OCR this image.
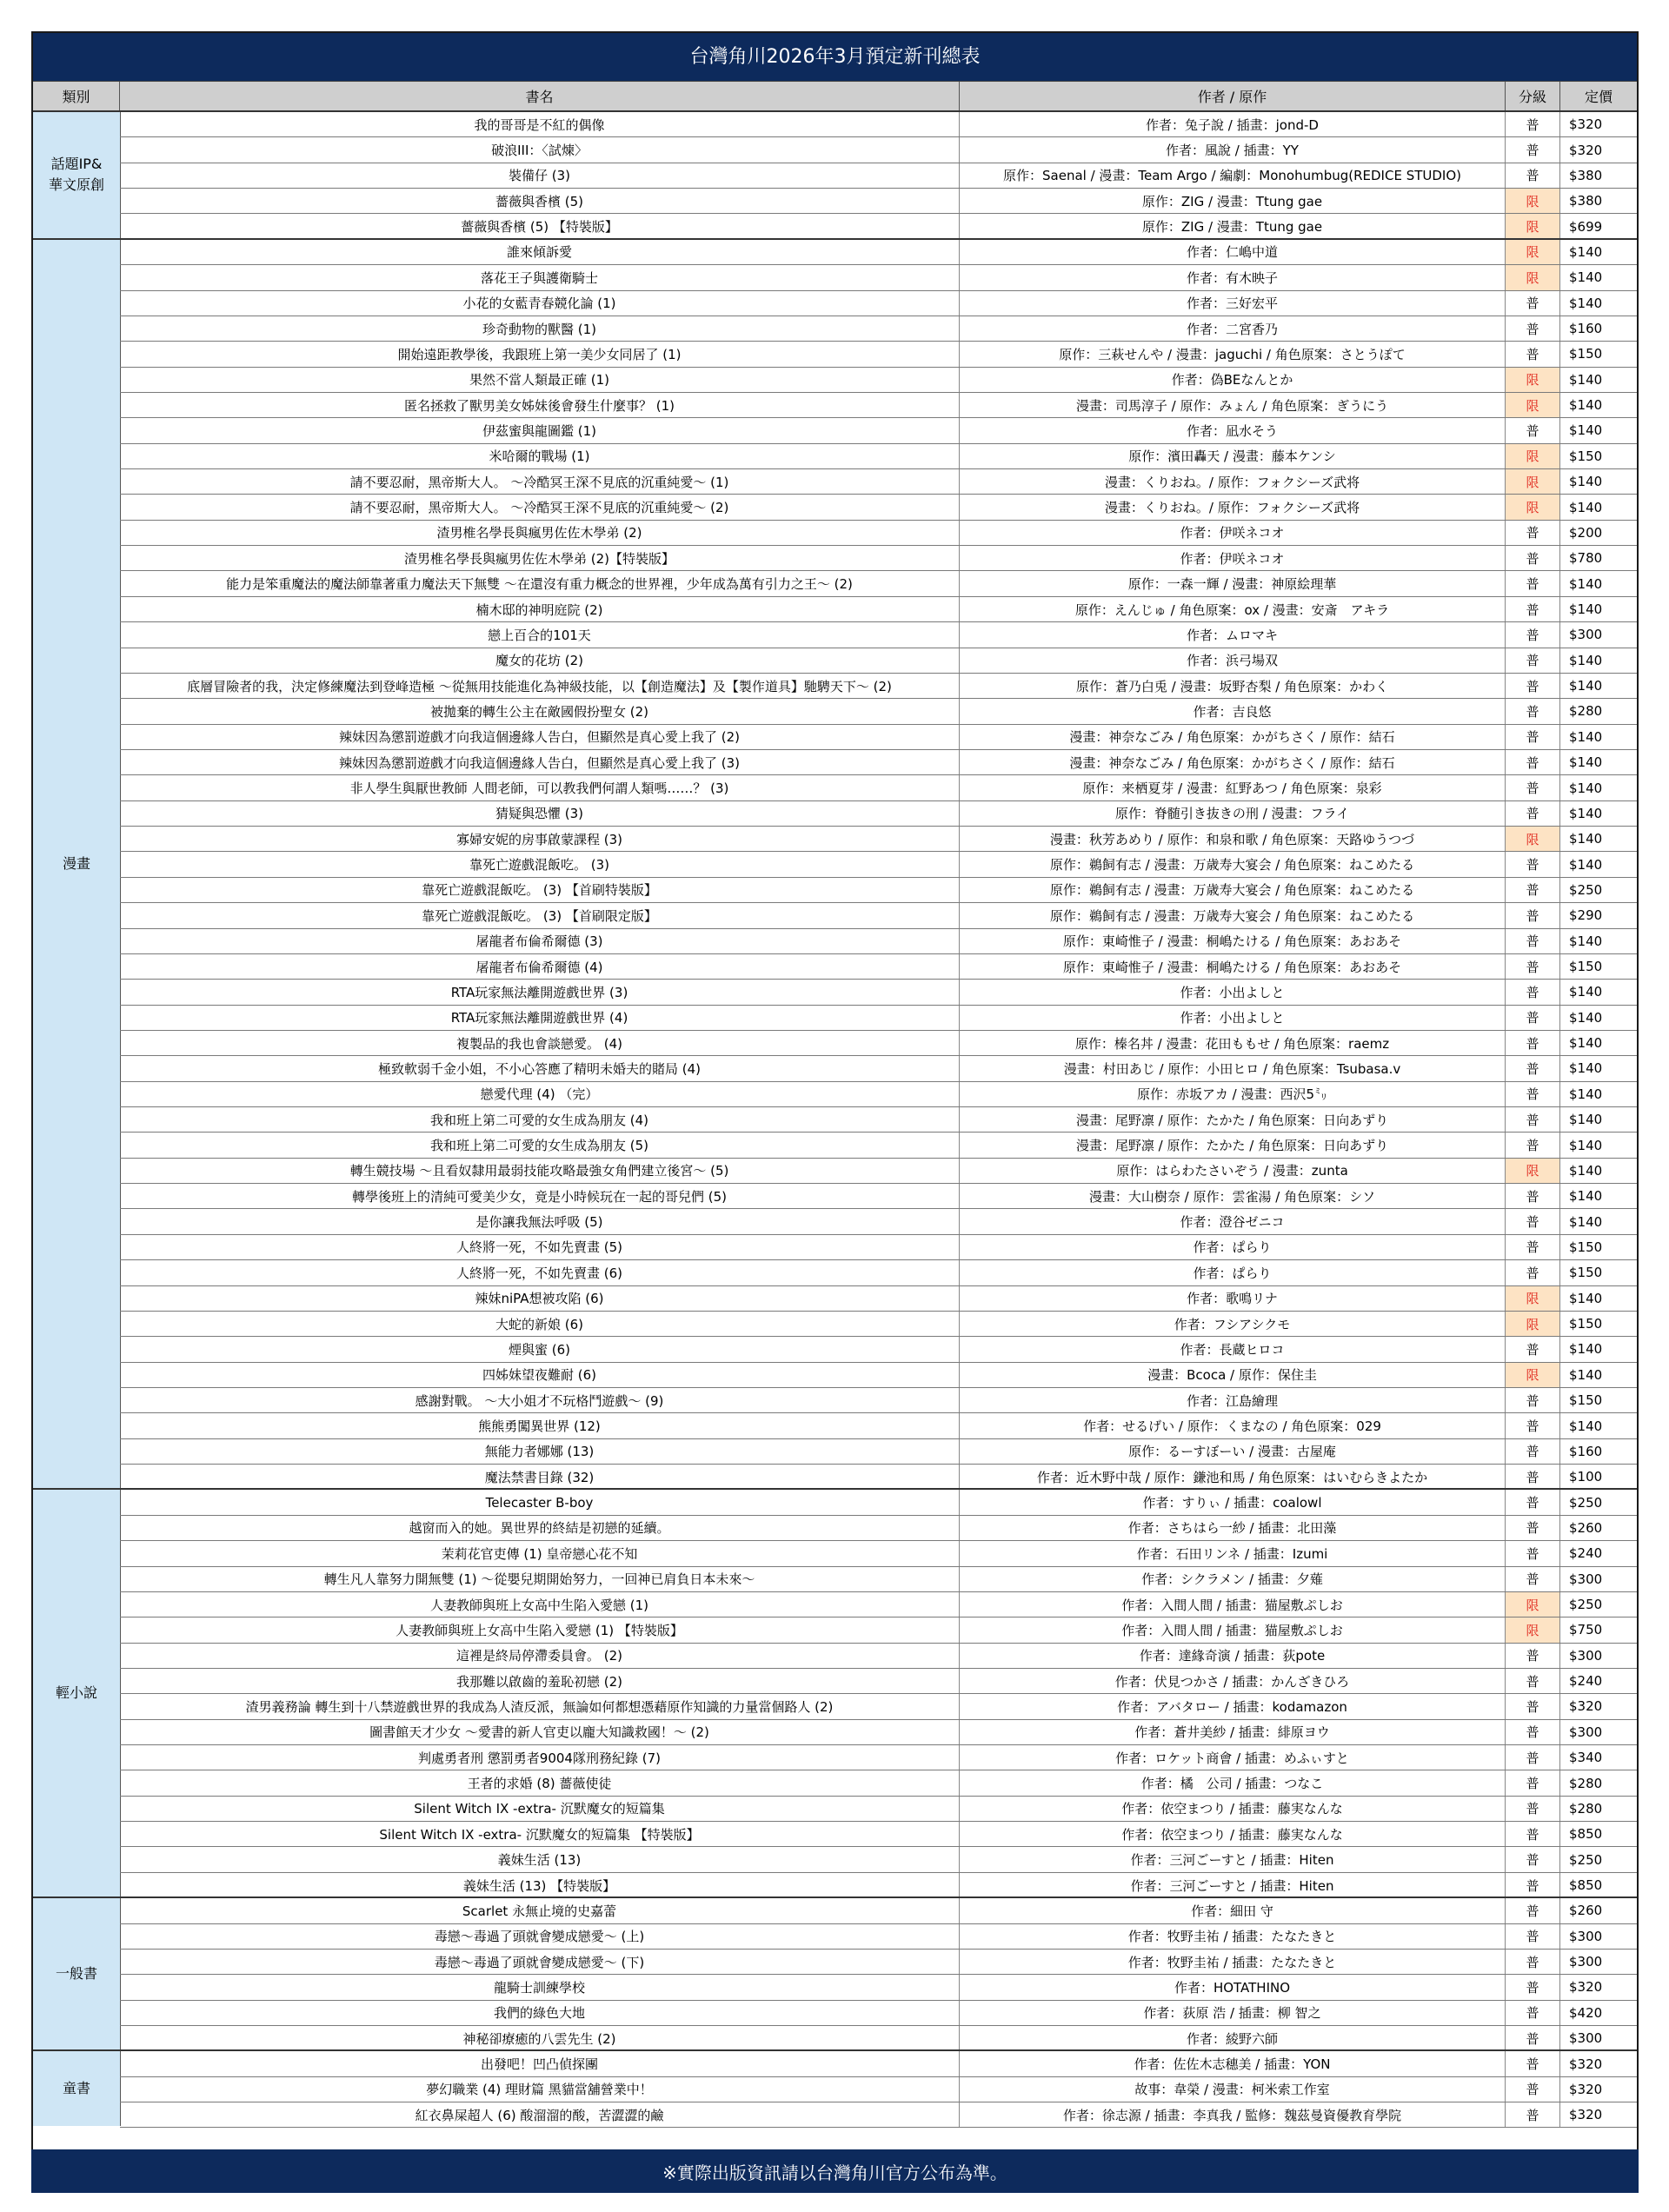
台灣角川2026年3月預定新刊總表
類別	書名	作者 / 原作	分級	定價
話題IP&
華文原創
我的哥哥是不紅的偶像	作者：兔子說 / 插畫：jond-D	普	$320
破浪III：〈試煉〉	作者：風說 / 插畫：YY	普	$320
裝備仔 (3)	原作：Saenal / 漫畫：Team Argo / 編劇：Monohumbug(REDICE STUDIO)	普	$380
薔薇與香檳 (5)	原作：ZIG / 漫畫：Ttung gae	限	$380
薔薇與香檳 (5) 【特裝版】	原作：ZIG / 漫畫：Ttung gae	限	$699
漫畫
誰來傾訴愛	作者：仁嶋中道	限	$140
落花王子與護衛騎士	作者：有木映子	限	$140
小花的女藍青春競化論 (1)	作者：三好宏平	普	$140
珍奇動物的獸醫 (1)	作者：二宮香乃	普	$160
開始遠距教學後，我跟班上第一美少女同居了 (1)	原作：三萩せんや / 漫畫：jaguchi / 角色原案：さとうぽて	普	$150
果然不當人類最正確 (1)	作者：偽BEなんとか	限	$140
匿名拯救了獸男美女姊妹後會發生什麼事？ (1)	漫畫：司馬淳子 / 原作：みょん / 角色原案：ぎうにう	限	$140
伊茲蜜與龍圖鑑 (1)	作者：凪水そう	普	$140
米哈爾的戰場 (1)	原作：濱田轟天 / 漫畫：藤本ケンシ	限	$150
請不要忍耐，黑帝斯大人。 ～冷酷冥王深不見底的沉重純愛～ (1)	漫畫：くりおね。/ 原作：フォクシーズ武将	限	$140
請不要忍耐，黑帝斯大人。 ～冷酷冥王深不見底的沉重純愛～ (2)	漫畫：くりおね。/ 原作：フォクシーズ武将	限	$140
渣男椎名學長與瘋男佐佐木學弟 (2)	作者：伊咲ネコオ	普	$200
渣男椎名學長與瘋男佐佐木學弟 (2)【特裝版】	作者：伊咲ネコオ	普	$780
能力是笨重魔法的魔法師靠著重力魔法天下無雙 ～在還沒有重力概念的世界裡，少年成為萬有引力之王～ (2)	原作：一森一輝 / 漫畫：神原絵理華	普	$140
楠木邸的神明庭院 (2)	原作：えんじゅ / 角色原案：ox / 漫畫：安斎　アキラ	普	$140
戀上百合的101天	作者：ムロマキ	普	$300
魔女的花坊 (2)	作者：浜弓場双	普	$140
底層冒險者的我，決定修練魔法到登峰造極 ～從無用技能進化為神級技能，以【創造魔法】及【製作道具】馳騁天下～ (2)	原作：蒼乃白兎 / 漫畫：坂野杏梨 / 角色原案：かわく	普	$140
被拋棄的轉生公主在敵國假扮聖女 (2)	作者：吉良悠	普	$280
辣妹因為懲罰遊戲才向我這個邊緣人告白，但顯然是真心愛上我了 (2)	漫畫：神奈なごみ / 角色原案：かがちさく / 原作：結石	普	$140
辣妹因為懲罰遊戲才向我這個邊緣人告白，但顯然是真心愛上我了 (3)	漫畫：神奈なごみ / 角色原案：かがちさく / 原作：結石	普	$140
非人學生與厭世教師 人間老師，可以教我們何謂人類嗎……？ (3)	原作：来栖夏芽 / 漫畫：紅野あつ / 角色原案：泉彩	普	$140
猜疑與恐懼 (3)	原作：脊髄引き抜きの刑 / 漫畫：フライ	普	$140
寡婦安妮的房事啟蒙課程 (3)	漫畫：秋芳あめり / 原作：和泉和歌 / 角色原案：天路ゆうつづ	限	$140
靠死亡遊戲混飯吃。 (3)	原作：鵜飼有志 / 漫畫：万歳寿大宴会 / 角色原案：ねこめたる	普	$140
靠死亡遊戲混飯吃。 (3) 【首刷特裝版】	原作：鵜飼有志 / 漫畫：万歳寿大宴会 / 角色原案：ねこめたる	普	$250
靠死亡遊戲混飯吃。 (3) 【首刷限定版】	原作：鵜飼有志 / 漫畫：万歳寿大宴会 / 角色原案：ねこめたる	普	$290
屠龍者布倫希爾德 (3)	原作：東崎惟子 / 漫畫：桐嶋たける / 角色原案：あおあそ	普	$140
屠龍者布倫希爾德 (4)	原作：東崎惟子 / 漫畫：桐嶋たける / 角色原案：あおあそ	普	$150
RTA玩家無法離開遊戲世界 (3)	作者：小出よしと	普	$140
RTA玩家無法離開遊戲世界 (4)	作者：小出よしと	普	$140
複製品的我也會談戀愛。 (4)	原作：榛名丼 / 漫畫：花田ももせ / 角色原案：raemz	普	$140
極致軟弱千金小姐，不小心答應了精明未婚夫的賭局 (4)	漫畫：村田あじ / 原作：小田ヒロ / 角色原案：Tsubasa.v	普	$140
戀愛代理 (4) （完）	原作：赤坂アカ / 漫畫：西沢5㍉	普	$140
我和班上第二可愛的女生成為朋友 (4)	漫畫：尾野凛 / 原作：たかた / 角色原案：日向あずり	普	$140
我和班上第二可愛的女生成為朋友 (5)	漫畫：尾野凛 / 原作：たかた / 角色原案：日向あずり	普	$140
轉生競技場 ～且看奴隸用最弱技能攻略最強女角們建立後宮～ (5)	原作：はらわたさいぞう / 漫畫：zunta	限	$140
轉學後班上的清純可愛美少女，竟是小時候玩在一起的哥兒們 (5)	漫畫：大山樹奈 / 原作：雲雀湯 / 角色原案：シソ	普	$140
是你讓我無法呼吸 (5)	作者：澄谷ゼニコ	普	$140
人終將一死，不如先賣畫 (5)	作者：ぱらり	普	$150
人終將一死，不如先賣畫 (6)	作者：ぱらり	普	$150
辣妹niPA想被攻陷 (6)	作者：歌鳴リナ	限	$140
大蛇的新娘 (6)	作者：フシアシクモ	限	$150
煙與蜜 (6)	作者：長蔵ヒロコ	普	$140
四姊妹望夜難耐 (6)	漫畫：Bcoca / 原作：保住圭	限	$140
感謝對戰。 ～大小姐才不玩格鬥遊戲～ (9)	作者：江島繪理	普	$150
熊熊勇闖異世界 (12)	作者：せるげい / 原作：くまなの / 角色原案：029	普	$140
無能力者娜娜 (13)	原作：るーすぼーい / 漫畫：古屋庵	普	$160
魔法禁書目錄 (32)	作者：近木野中哉 / 原作：鎌池和馬 / 角色原案：はいむらきよたか	普	$100
輕小說
Telecaster B-boy	作者：すりぃ / 插畫：coalowl	普	$250
越窗而入的她。異世界的終結是初戀的延續。	作者：さちはら一紗 / 插畫：北田藻	普	$260
茉莉花官吏傳 (1) 皇帝戀心花不知	作者：石田リンネ / 插畫：Izumi	普	$240
轉生凡人靠努力開無雙 (1) ～從嬰兒期開始努力，一回神已肩負日本未來～	作者：シクラメン / 插畫：夕薙	普	$300
人妻教師與班上女高中生陷入愛戀 (1)	作者：入間人間 / 插畫：猫屋敷ぷしお	限	$250
人妻教師與班上女高中生陷入愛戀 (1) 【特裝版】	作者：入間人間 / 插畫：猫屋敷ぷしお	限	$750
這裡是終局停滯委員會。 (2)	作者：達緣奇演 / 插畫：荻pote	普	$300
我那難以啟齒的羞恥初戀 (2)	作者：伏見つかさ / 插畫：かんざきひろ	普	$240
渣男義務論 轉生到十八禁遊戲世界的我成為人渣反派，無論如何都想憑藉原作知識的力量當個路人 (2)	作者：アバタロー / 插畫：kodamazon	普	$320
圖書館天才少女 ～愛書的新人官吏以龐大知識救國！～ (2)	作者：蒼井美紗 / 插畫：緋原ヨウ	普	$300
判處勇者刑 懲罰勇者9004隊刑務紀錄 (7)	作者：ロケット商會 / 插畫：めふぃすと	普	$340
王者的求婚 (8) 薔薇使徒	作者：橘　公司 / 插畫：つなこ	普	$280
Silent Witch IX -extra- 沉默魔女的短篇集	作者：依空まつり / 插畫：藤実なんな	普	$280
Silent Witch IX -extra- 沉默魔女的短篇集 【特裝版】	作者：依空まつり / 插畫：藤実なんな	普	$850
義妹生活 (13)	作者：三河ごーすと / 插畫：Hiten	普	$250
義妹生活 (13) 【特裝版】	作者：三河ごーすと / 插畫：Hiten	普	$850
一般書
Scarlet 永無止境的史嘉蕾	作者：細田 守	普	$260
毒戀～毒過了頭就會變成戀愛～ (上)	作者：牧野圭祐 / 插畫：たなたきと	普	$300
毒戀～毒過了頭就會變成戀愛～ (下)	作者：牧野圭祐 / 插畫：たなたきと	普	$300
龍騎士訓練學校	作者：HOTATHINO	普	$320
我們的綠色大地	作者：荻原 浩 / 插畫：柳 智之	普	$420
神秘卻療癒的八雲先生 (2)	作者：綾野六師	普	$300
童書
出發吧！凹凸偵探團	作者：佐佐木志穗美 / 插畫：YON	普	$320
夢幻職業 (4) 理財篇 黑貓當舖營業中！	故事：韋榮 / 漫畫：柯米索工作室	普	$320
紅衣鼻屎超人 (6) 酸溜溜的酸，苦澀澀的鹼	作者：徐志源 / 插畫：李真我 / 監修：魏茲曼資優教育學院	普	$320
※實際出版資訊請以台灣角川官方公布為準。
